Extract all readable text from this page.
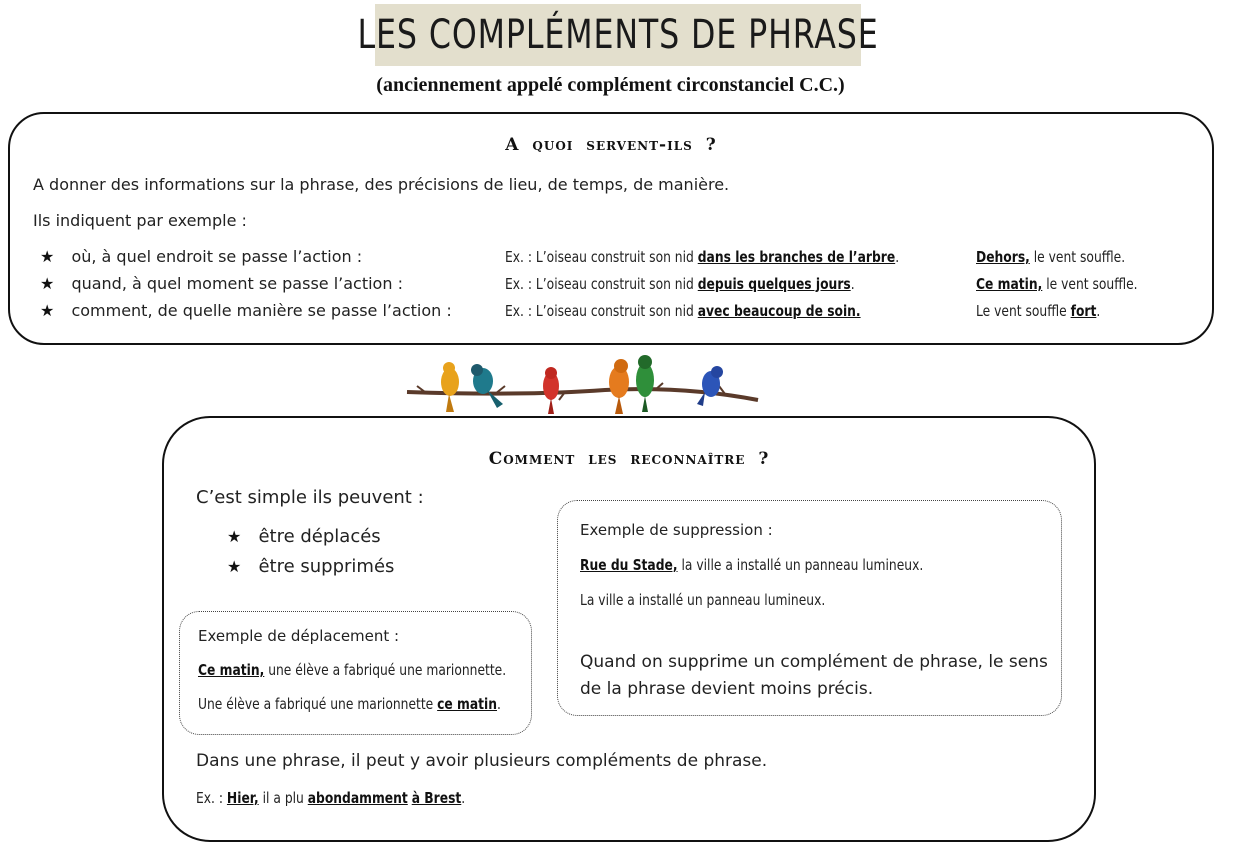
LES COMPLÉMENTS DE PHRASE
(anciennement appelé complément circonstanciel C.C.)
A quoi servent-ils ?
A donner des informations sur la phrase, des précisions de lieu, de temps, de manière.
Ils indiquent par exemple :
★ où, à quel endroit se passe l’action :	Ex. : L’oiseau construit son nid dans les branches de l’arbre.	Dehors, le vent souffle.
★ quand, à quel moment se passe l’action :	Ex. : L’oiseau construit son nid depuis quelques jours.	Ce matin, le vent souffle.
★ comment, de quelle manière se passe l’action :	Ex. : L’oiseau construit son nid avec beaucoup de soin.	Le vent souffle fort.
Comment les reconnaître ?
C’est simple ils peuvent :
★ être déplacés
★ être supprimés
Exemple de déplacement :
Ce matin, une élève a fabriqué une marionnette.
Une élève a fabriqué une marionnette ce matin.
Exemple de suppression :
Rue du Stade, la ville a installé un panneau lumineux.
La ville a installé un panneau lumineux.
Quand on supprime un complément de phrase, le sens de la phrase devient moins précis.
Dans une phrase, il peut y avoir plusieurs compléments de phrase.
Ex. : Hier, il a plu abondamment à Brest.
